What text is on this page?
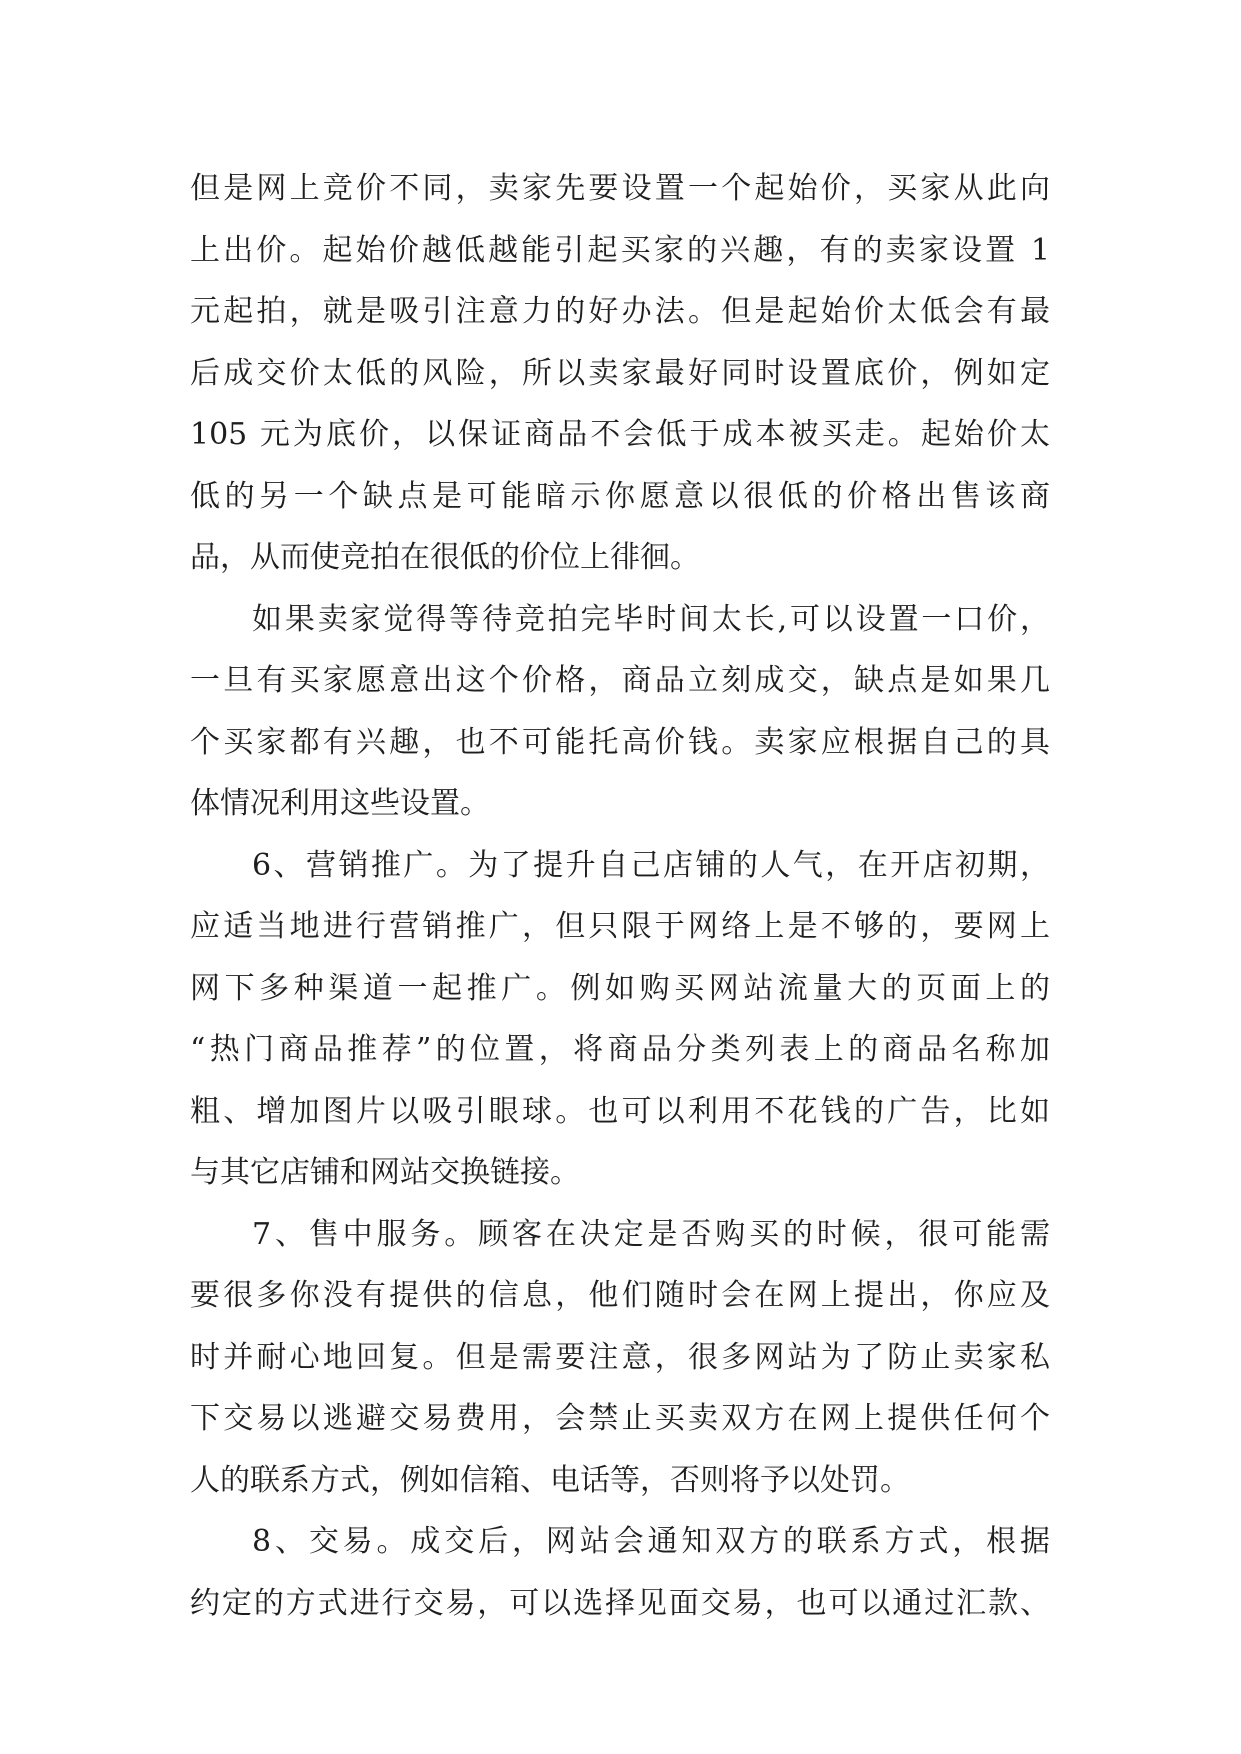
但是网上竞价不同，卖家先要设置一个起始价，买家从此向
上出价。起始价越低越能引起买家的兴趣，有的卖家设置 1
元起拍，就是吸引注意力的好办法。但是起始价太低会有最
后成交价太低的风险，所以卖家最好同时设置底价，例如定
105 元为底价，以保证商品不会低于成本被买走。起始价太
低的另一个缺点是可能暗示你愿意以很低的价格出售该商
品，从而使竞拍在很低的价位上徘徊。
如果卖家觉得等待竞拍完毕时间太长,可以设置一口价，
一旦有买家愿意出这个价格，商品立刻成交，缺点是如果几
个买家都有兴趣，也不可能托高价钱。卖家应根据自己的具
体情况利用这些设置。
6、营销推广。为了提升自己店铺的人气，在开店初期，
应适当地进行营销推广，但只限于网络上是不够的，要网上
网下多种渠道一起推广。例如购买网站流量大的页面上的
“热门商品推荐”的位置，将商品分类列表上的商品名称加
粗、增加图片以吸引眼球。也可以利用不花钱的广告，比如
与其它店铺和网站交换链接。
7、售中服务。顾客在决定是否购买的时候，很可能需
要很多你没有提供的信息，他们随时会在网上提出，你应及
时并耐心地回复。但是需要注意，很多网站为了防止卖家私
下交易以逃避交易费用，会禁止买卖双方在网上提供任何个
人的联系方式，例如信箱、电话等，否则将予以处罚。
8、交易。成交后，网站会通知双方的联系方式，根据
约定的方式进行交易，可以选择见面交易，也可以通过汇款、
